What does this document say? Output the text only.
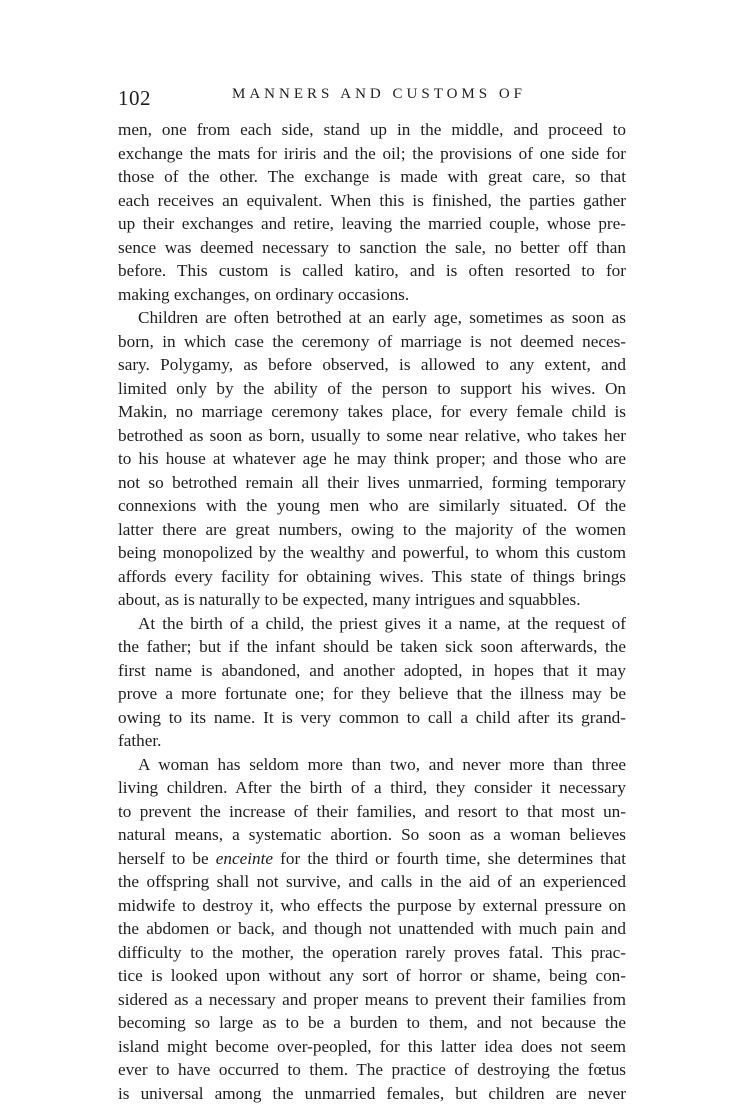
102	MANNERS AND CUSTOMS OF
men, one from each side, stand up in the middle, and proceed to
exchange the mats for iriris and the oil; the provisions of one side for
those of the other. The exchange is made with great care, so that
each receives an equivalent. When this is finished, the parties gather
up their exchanges and retire, leaving the married couple, whose pre-
sence was deemed necessary to sanction the sale, no better off than
before. This custom is called katiro, and is often resorted to for
making exchanges, on ordinary occasions.
Children are often betrothed at an early age, sometimes as soon as
born, in which case the ceremony of marriage is not deemed neces-
sary. Polygamy, as before observed, is allowed to any extent, and
limited only by the ability of the person to support his wives. On
Makin, no marriage ceremony takes place, for every female child is
betrothed as soon as born, usually to some near relative, who takes her
to his house at whatever age he may think proper; and those who are
not so betrothed remain all their lives unmarried, forming temporary
connexions with the young men who are similarly situated. Of the
latter there are great numbers, owing to the majority of the women
being monopolized by the wealthy and powerful, to whom this custom
affords every facility for obtaining wives. This state of things brings
about, as is naturally to be expected, many intrigues and squabbles.
At the birth of a child, the priest gives it a name, at the request of
the father; but if the infant should be taken sick soon afterwards, the
first name is abandoned, and another adopted, in hopes that it may
prove a more fortunate one; for they believe that the illness may be
owing to its name. It is very common to call a child after its grand-
father.
A woman has seldom more than two, and never more than three
living children. After the birth of a third, they consider it necessary
to prevent the increase of their families, and resort to that most un-
natural means, a systematic abortion. So soon as a woman believes
herself to be enceinte for the third or fourth time, she determines that
the offspring shall not survive, and calls in the aid of an experienced
midwife to destroy it, who effects the purpose by external pressure on
the abdomen or back, and though not unattended with much pain and
difficulty to the mother, the operation rarely proves fatal. This prac-
tice is looked upon without any sort of horror or shame, being con-
sidered as a necessary and proper means to prevent their families from
becoming so large as to be a burden to them, and not because the
island might become over-peopled, for this latter idea does not seem
ever to have occurred to them. The practice of destroying the fœtus
is universal among the unmarried females, but children are never
